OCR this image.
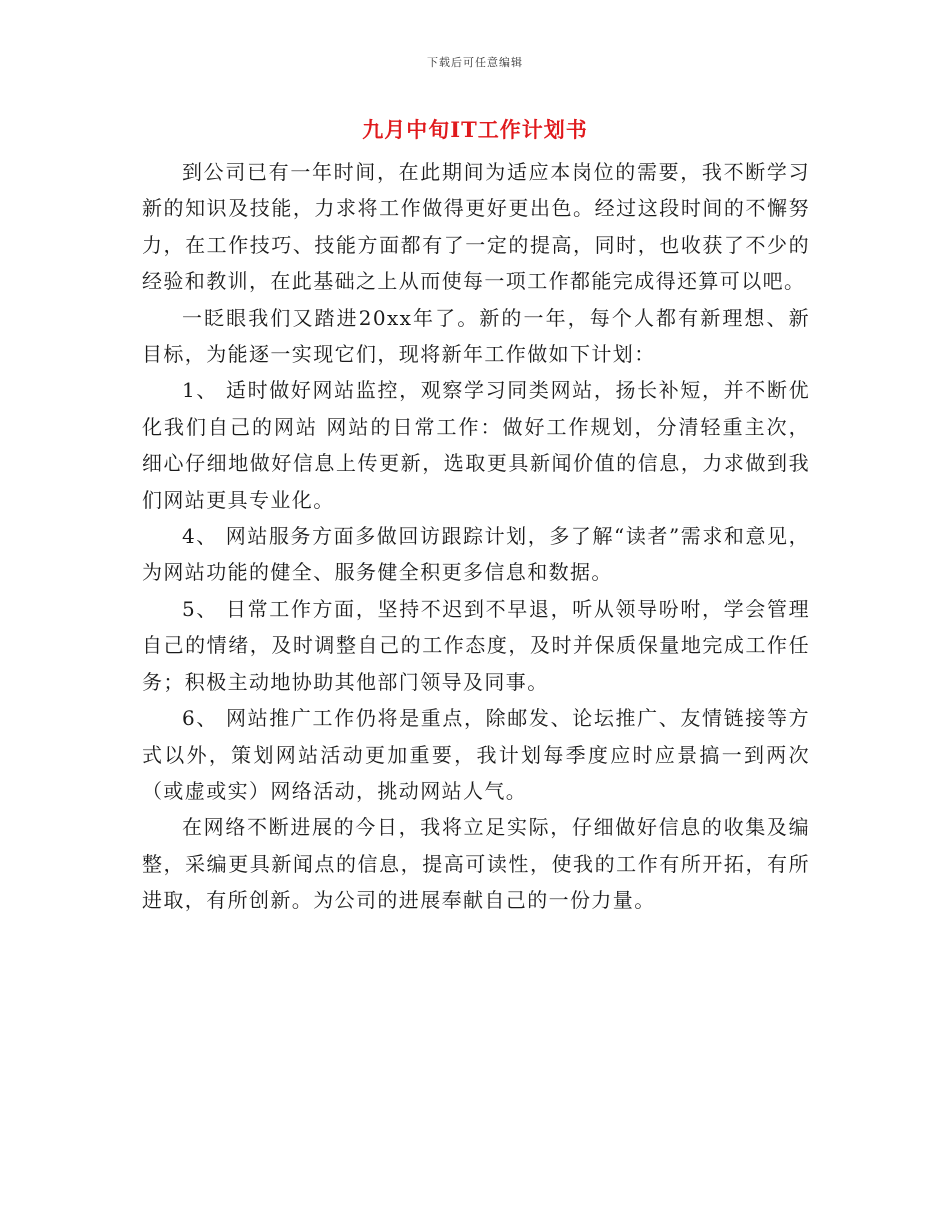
下载后可任意编辑
九月中旬IT工作计划书

到公司已有一年时间，在此期间为适应本岗位的需要，我不断学习新的知识及技能，力求将工作做得更好更出色。经过这段时间的不懈努力，在工作技巧、技能方面都有了一定的提高，同时，也收获了不少的经验和教训，在此基础之上从而使每一项工作都能完成得还算可以吧。

一眨眼我们又踏进20xx年了。新的一年，每个人都有新理想、新目标，为能逐一实现它们，现将新年工作做如下计划：

1、 适时做好网站监控，观察学习同类网站，扬长补短，并不断优化我们自己的网站 网站的日常工作：做好工作规划，分清轻重主次，细心仔细地做好信息上传更新，选取更具新闻价值的信息，力求做到我们网站更具专业化。

4、 网站服务方面多做回访跟踪计划，多了解“读者”需求和意见，为网站功能的健全、服务健全积更多信息和数据。

5、 日常工作方面，坚持不迟到不早退，听从领导吩咐，学会管理自己的情绪，及时调整自己的工作态度，及时并保质保量地完成工作任务；积极主动地协助其他部门领导及同事。

6、 网站推广工作仍将是重点，除邮发、论坛推广、友情链接等方式以外，策划网站活动更加重要，我计划每季度应时应景搞一到两次（或虚或实）网络活动，挑动网站人气。

在网络不断进展的今日，我将立足实际，仔细做好信息的收集及编整，采编更具新闻点的信息，提高可读性，使我的工作有所开拓，有所进取，有所创新。为公司的进展奉献自己的一份力量。
